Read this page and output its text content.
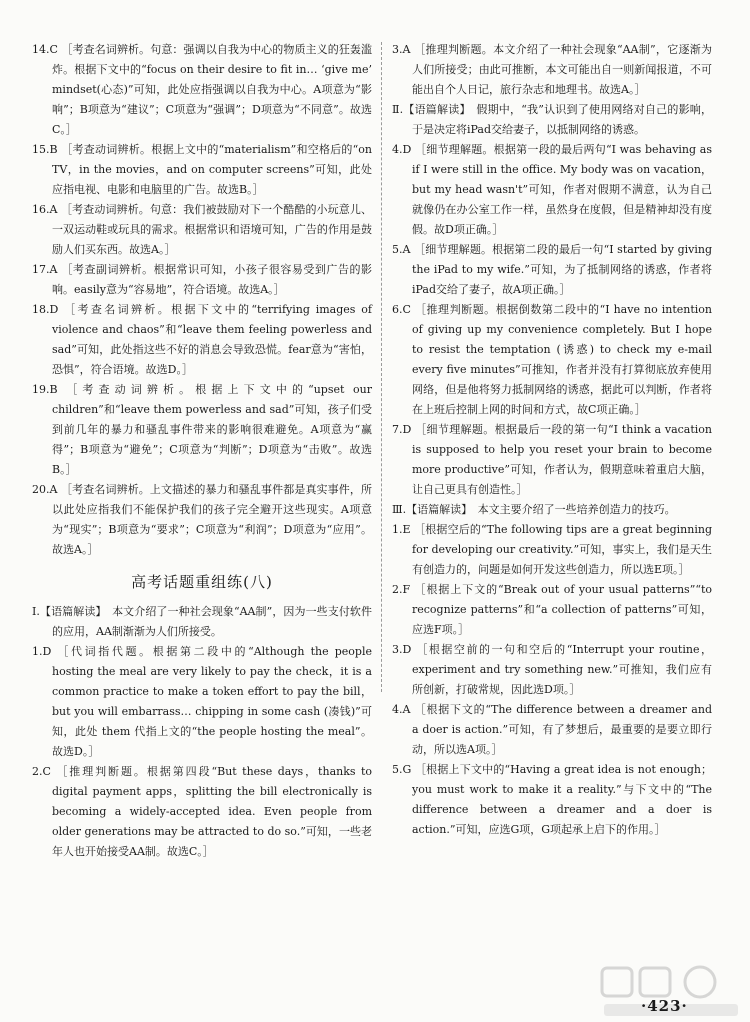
14.C ［考查名词辨析。句意：强调以自我为中心的物质主义的狂轰滥炸。根据下文中的“focus on their desire to fit in… ‘give me’ mindset(心态)”可知，此处应指强调以自我为中心。A项意为“影响”；B项意为“建议”；C项意为“强调”；D项意为“不同意”。故选C。］

15.B ［考查动词辨析。根据上文中的“materialism”和空格后的“on TV，in the movies，and on computer screens”可知，此处应指电视、电影和电脑里的广告。故选B。］

16.A ［考查动词辨析。句意：我们被鼓励对下一个酷酷的小玩意儿、一双运动鞋或玩具的需求。根据常识和语境可知，广告的作用是鼓励人们买东西。故选A。］

17.A ［考查副词辨析。根据常识可知，小孩子很容易受到广告的影响。easily意为“容易地”，符合语境。故选A。］

18.D ［考查名词辨析。根据下文中的“terrifying images of violence and chaos”和“leave them feeling powerless and sad”可知，此处指这些不好的消息会导致恐慌。fear意为“害怕，恐惧”，符合语境。故选D。］

19.B ［考查动词辨析。根据上下文中的“upset our children”和“leave them powerless and sad”可知，孩子们受到前几年的暴力和骚乱事件带来的影响很难避免。A项意为“赢得”；B项意为“避免”；C项意为“判断”；D项意为“击败”。故选B。］

20.A ［考查名词辨析。上文描述的暴力和骚乱事件都是真实事件，所以此处应指我们不能保护我们的孩子完全避开这些现实。A项意为“现实”；B项意为“要求”；C项意为“利润”；D项意为“应用”。故选A。］

高考话题重组练(八)

Ⅰ.【语篇解读】　本文介绍了一种社会现象“AA制”，因为一些支付软件的应用，AA制渐渐为人们所接受。

1.D ［代词指代题。根据第二段中的“Although the people hosting the meal are very likely to pay the check，it is a common practice to make a token effort to pay the bill，but you will embarrass… chipping in some cash (凑钱)”可知，此处 them 代指上文的“the people hosting the meal”。故选D。］

2.C ［推理判断题。根据第四段“But these days，thanks to digital payment apps，splitting the bill electronically is becoming a widely-accepted idea. Even people from older generations may be attracted to do so.”可知，一些老年人也开始接受AA制。故选C。］

3.A ［推理判断题。本文介绍了一种社会现象“AA制”，它逐渐为人们所接受；由此可推断，本文可能出自一则新闻报道，不可能出自个人日记，旅行杂志和地理书。故选A。］

Ⅱ.【语篇解读】　假期中，“我”认识到了使用网络对自己的影响，于是决定将iPad交给妻子，以抵制网络的诱惑。

4.D ［细节理解题。根据第一段的最后两句“I was behaving as if I were still in the office. My body was on vacation，but my head wasn't”可知，作者对假期不满意，认为自己就像仍在办公室工作一样，虽然身在度假，但是精神却没有度假。故D项正确。］

5.A ［细节理解题。根据第二段的最后一句“I started by giving the iPad to my wife.”可知，为了抵制网络的诱惑，作者将iPad交给了妻子，故A项正确。］

6.C ［推理判断题。根据倒数第二段中的“I have no intention of giving up my convenience completely. But I hope to resist the temptation (诱惑) to check my e-mail every five minutes”可推知，作者并没有打算彻底放弃使用网络，但是他将努力抵制网络的诱惑，据此可以判断，作者将在上班后控制上网的时间和方式，故C项正确。］

7.D ［细节理解题。根据最后一段的第一句“I think a vacation is supposed to help you reset your brain to become more productive”可知，作者认为，假期意味着重启大脑，让自己更具有创造性。］

Ⅲ.【语篇解读】　本文主要介绍了一些培养创造力的技巧。

1.E ［根据空后的“The following tips are a great beginning for developing our creativity.”可知，事实上，我们是天生有创造力的，问题是如何开发这些创造力，所以选E项。］

2.F ［根据上下文的“Break out of your usual patterns”“to recognize patterns”和“a collection of patterns”可知，应选F项。］

3.D ［根据空前的一句和空后的“Interrupt your routine，experiment and try something new.”可推知，我们应有所创新，打破常规，因此选D项。］

4.A ［根据下文的“The difference between a dreamer and a doer is action.”可知，有了梦想后，最重要的是要立即行动，所以选A项。］

5.G ［根据上下文中的“Having a great idea is not enough；you must work to make it a reality.”与下文中的“The difference between a dreamer and a doer is action.”可知，应选G项，G项起承上启下的作用。］

·423·
